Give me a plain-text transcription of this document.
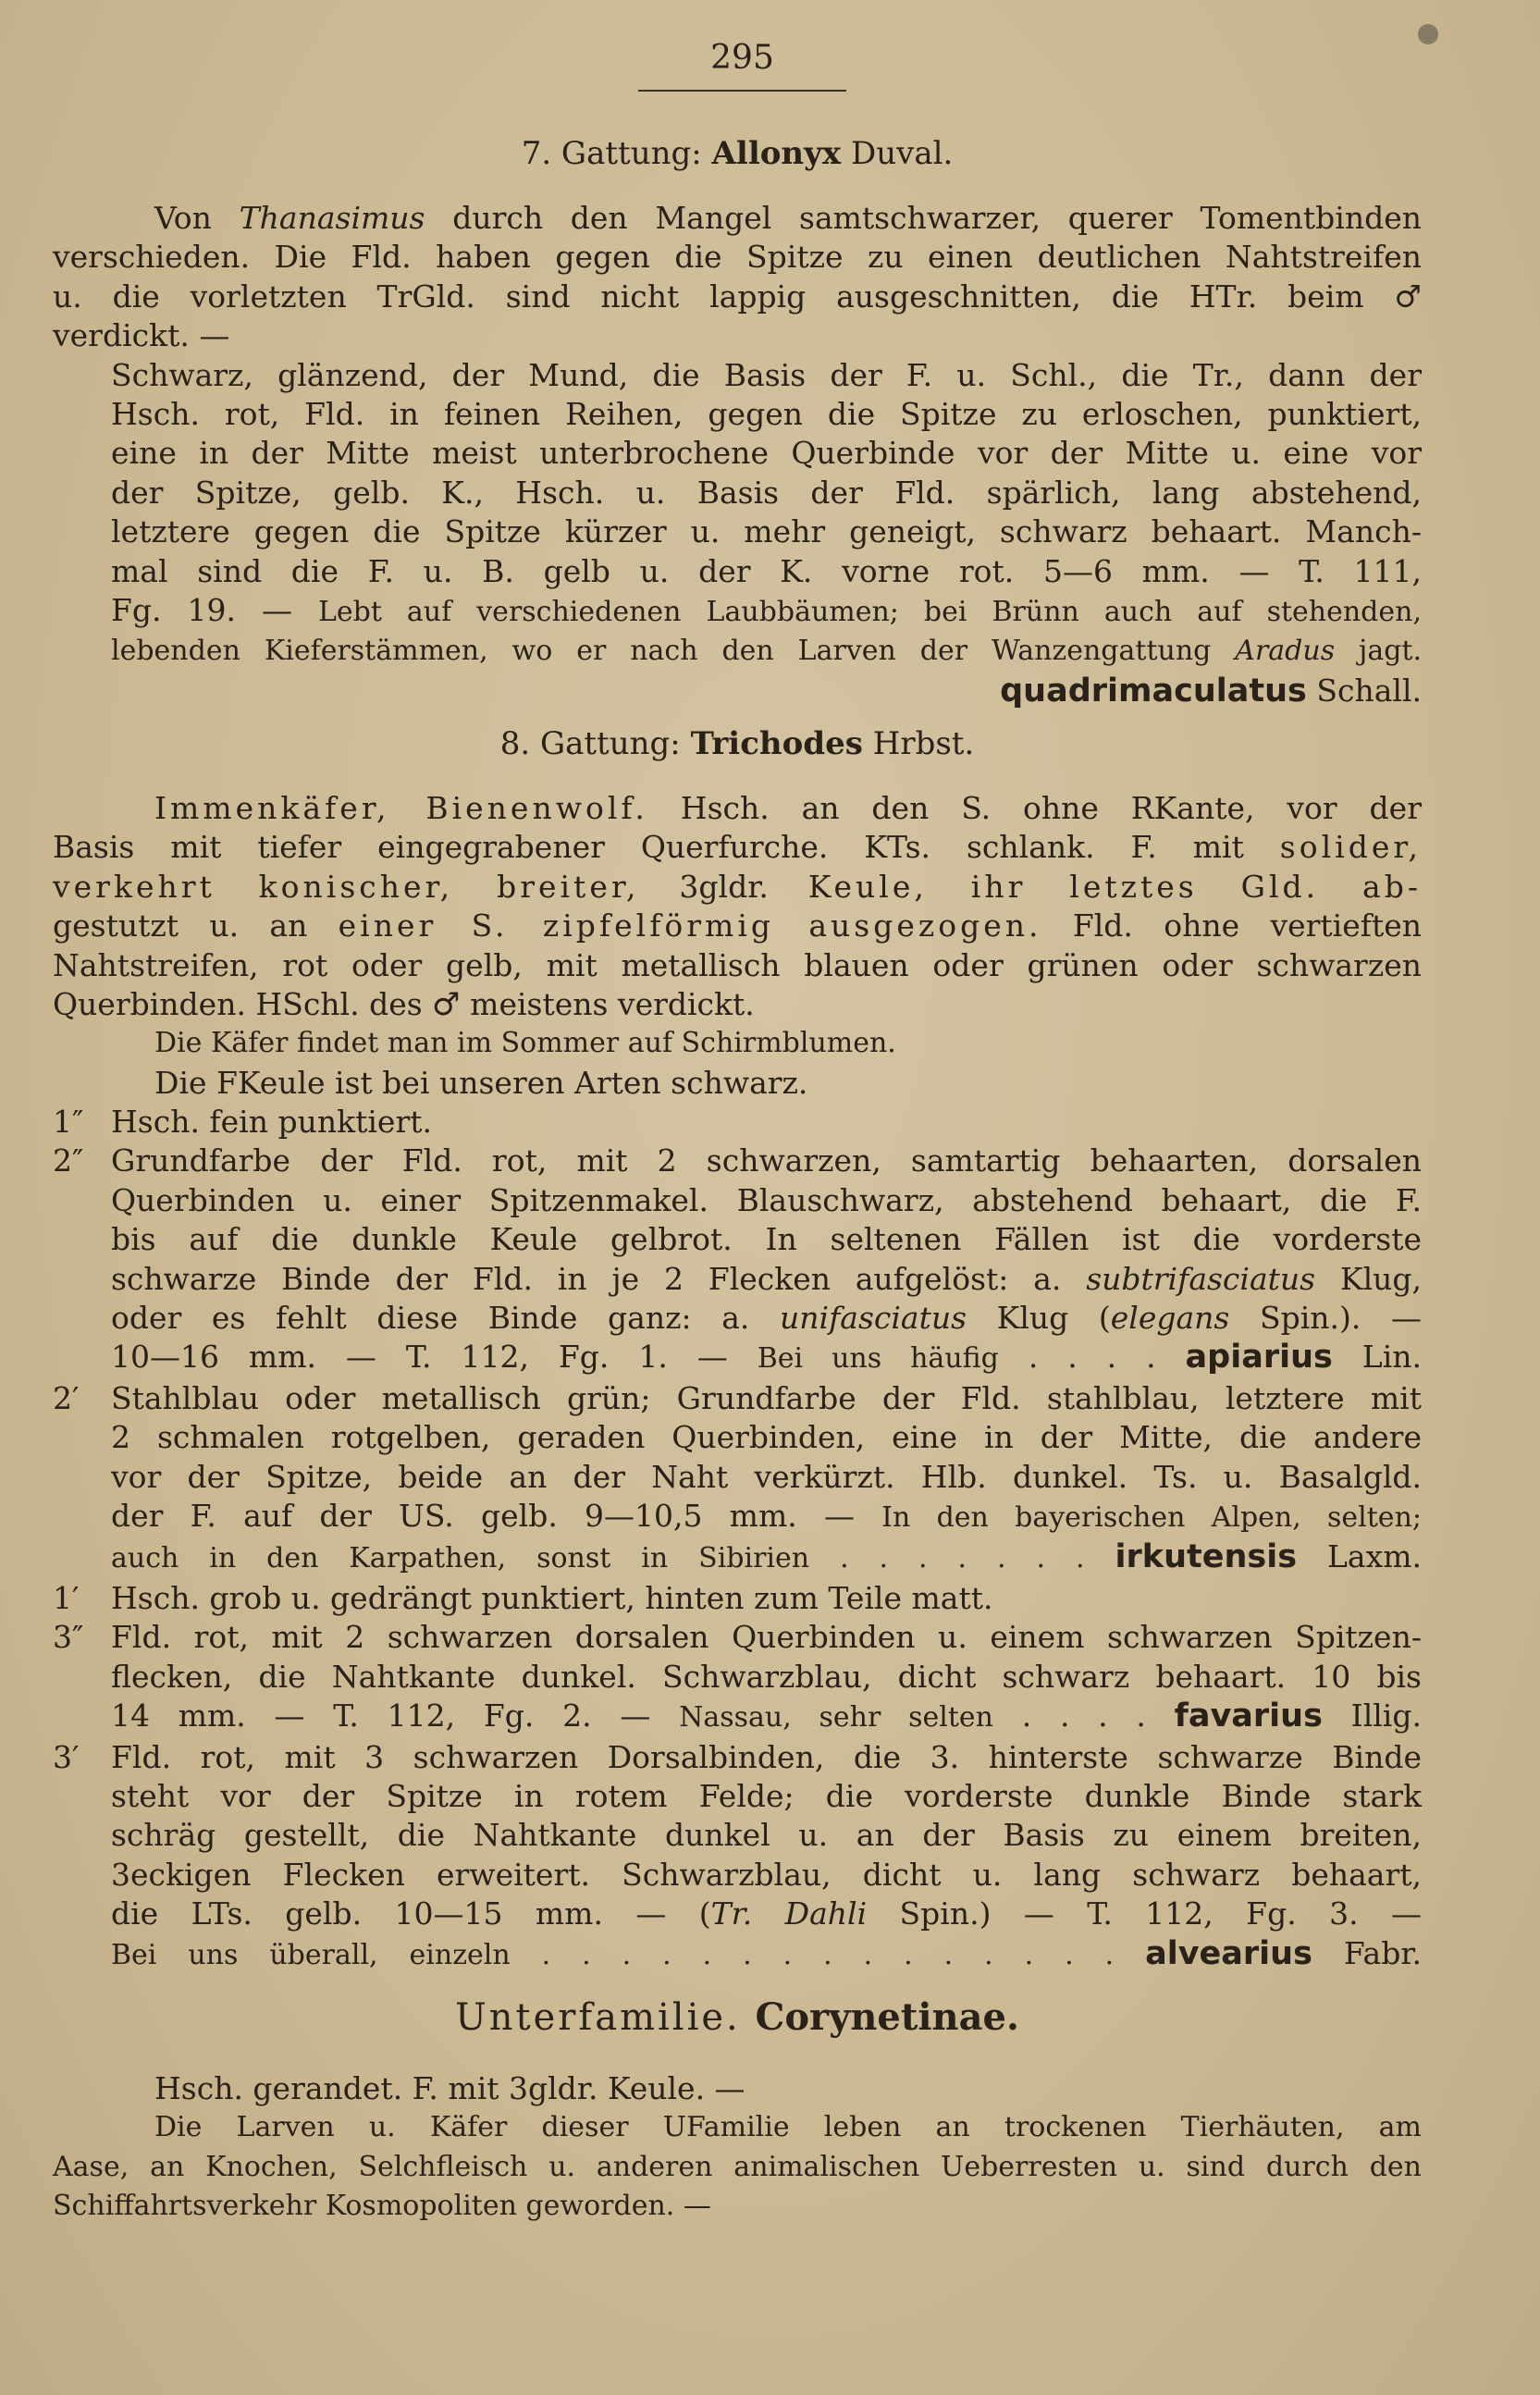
295
7. Gattung: Allonyx Duval.
Von Thanasimus durch den Mangel samtschwarzer, querer Tomentbinden
verschieden. Die Fld. haben gegen die Spitze zu einen deutlichen Nahtstreifen
u. die vorletzten TrGld. sind nicht lappig ausgeschnitten, die HTr. beim ♂
verdickt. —
Schwarz, glänzend, der Mund, die Basis der F. u. Schl., die Tr., dann der
Hsch. rot, Fld. in feinen Reihen, gegen die Spitze zu erloschen, punktiert,
eine in der Mitte meist unterbrochene Querbinde vor der Mitte u. eine vor
der Spitze, gelb. K., Hsch. u. Basis der Fld. spärlich, lang abstehend,
letztere gegen die Spitze kürzer u. mehr geneigt, schwarz behaart. Manch-
mal sind die F. u. B. gelb u. der K. vorne rot. 5—6 mm. — T. 111,
Fg. 19. — Lebt auf verschiedenen Laubbäumen; bei Brünn auch auf stehenden,
lebenden Kieferstämmen, wo er nach den Larven der Wanzengattung Aradus jagt.
quadrimaculatus Schall.
8. Gattung: Trichodes Hrbst.
Immenkäfer, Bienenwolf. Hsch. an den S. ohne RKante, vor der
Basis mit tiefer eingegrabener Querfurche. KTs. schlank. F. mit solider,
verkehrt konischer, breiter, 3gldr. Keule, ihr letztes Gld. ab-
gestutzt u. an einer S. zipfelförmig ausgezogen. Fld. ohne vertieften
Nahtstreifen, rot oder gelb, mit metallisch blauen oder grünen oder schwarzen
Querbinden. HSchl. des ♂ meistens verdickt.
Die Käfer findet man im Sommer auf Schirmblumen.
Die FKeule ist bei unseren Arten schwarz.
1″ Hsch. fein punktiert.
2″ Grundfarbe der Fld. rot, mit 2 schwarzen, samtartig behaarten, dorsalen
Querbinden u. einer Spitzenmakel. Blauschwarz, abstehend behaart, die F.
bis auf die dunkle Keule gelbrot. In seltenen Fällen ist die vorderste
schwarze Binde der Fld. in je 2 Flecken aufgelöst: a. subtrifasciatus Klug,
oder es fehlt diese Binde ganz: a. unifasciatus Klug (elegans Spin.). —
10—16 mm. — T. 112, Fg. 1. — Bei uns häufig . . . . apiarius Lin.
2′ Stahlblau oder metallisch grün; Grundfarbe der Fld. stahlblau, letztere mit
2 schmalen rotgelben, geraden Querbinden, eine in der Mitte, die andere
vor der Spitze, beide an der Naht verkürzt. Hlb. dunkel. Ts. u. Basalgld.
der F. auf der US. gelb. 9—10,5 mm. — In den bayerischen Alpen, selten;
auch in den Karpathen, sonst in Sibirien . . . . . . . irkutensis Laxm.
1′ Hsch. grob u. gedrängt punktiert, hinten zum Teile matt.
3″ Fld. rot, mit 2 schwarzen dorsalen Querbinden u. einem schwarzen Spitzen-
flecken, die Nahtkante dunkel. Schwarzblau, dicht schwarz behaart. 10 bis
14 mm. — T. 112, Fg. 2. — Nassau, sehr selten . . . . favarius Illig.
3′ Fld. rot, mit 3 schwarzen Dorsalbinden, die 3. hinterste schwarze Binde
steht vor der Spitze in rotem Felde; die vorderste dunkle Binde stark
schräg gestellt, die Nahtkante dunkel u. an der Basis zu einem breiten,
3eckigen Flecken erweitert. Schwarzblau, dicht u. lang schwarz behaart,
die LTs. gelb. 10—15 mm. — (Tr. Dahli Spin.) — T. 112, Fg. 3. —
Bei uns überall, einzeln . . . . . . . . . . . . . . . alvearius Fabr.
Unterfamilie. Corynetinae.
Hsch. gerandet. F. mit 3gldr. Keule. —
Die Larven u. Käfer dieser UFamilie leben an trockenen Tierhäuten, am
Aase, an Knochen, Selchfleisch u. anderen animalischen Ueberresten u. sind durch den
Schiffahrtsverkehr Kosmopoliten geworden. —
